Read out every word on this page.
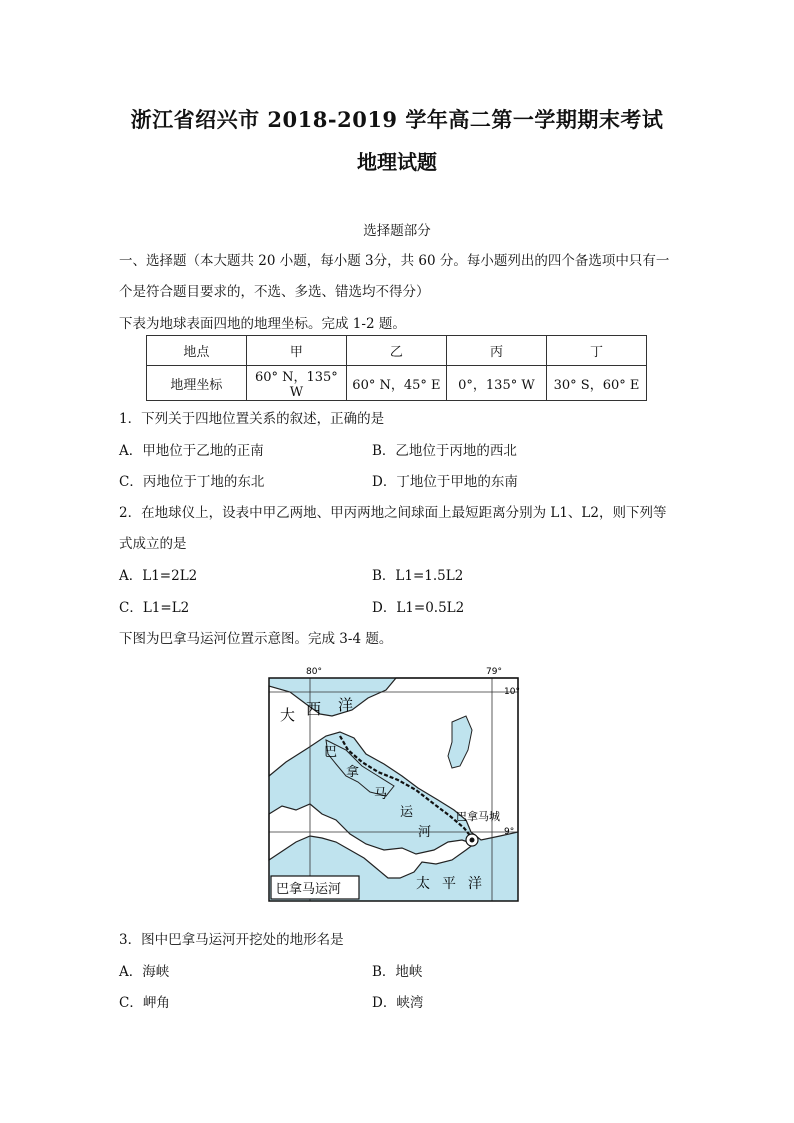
浙江省绍兴市 2018-2019 学年高二第一学期期末考试
地理试题
选择题部分
一、选择题（本大题共 20 小题，每小题 3分，共 60 分。每小题列出的四个备选项中只有一
个是符合题目要求的，不选、多选、错选均不得分）
下表为地球表面四地的地理坐标。完成 1-2 题。
地点	甲	乙	丙	丁
地理坐标	60° N，135° W	60° N，45° E	0°，135° W	30° S，60° E
1．下列关于四地位置关系的叙述，正确的是
A．甲地位于乙地的正南	B．乙地位于丙地的西北
C．丙地位于丁地的东北	D．丁地位于甲地的东南
2．在地球仪上，设表中甲乙两地、甲丙两地之间球面上最短距离分别为 L1、L2，则下列等
式成立的是
A．L1=2L2	B．L1=1.5L2
C．L1=L2	D．L1=0.5L2
下图为巴拿马运河位置示意图。完成 3-4 题。
80°	79°
10°
9°
大 西 洋
太 平 洋
巴
拿
马
运
河
巴拿马城
巴拿马运河
3．图中巴拿马运河开挖处的地形名是
A．海峡	B．地峡
C．岬角	D．峡湾
